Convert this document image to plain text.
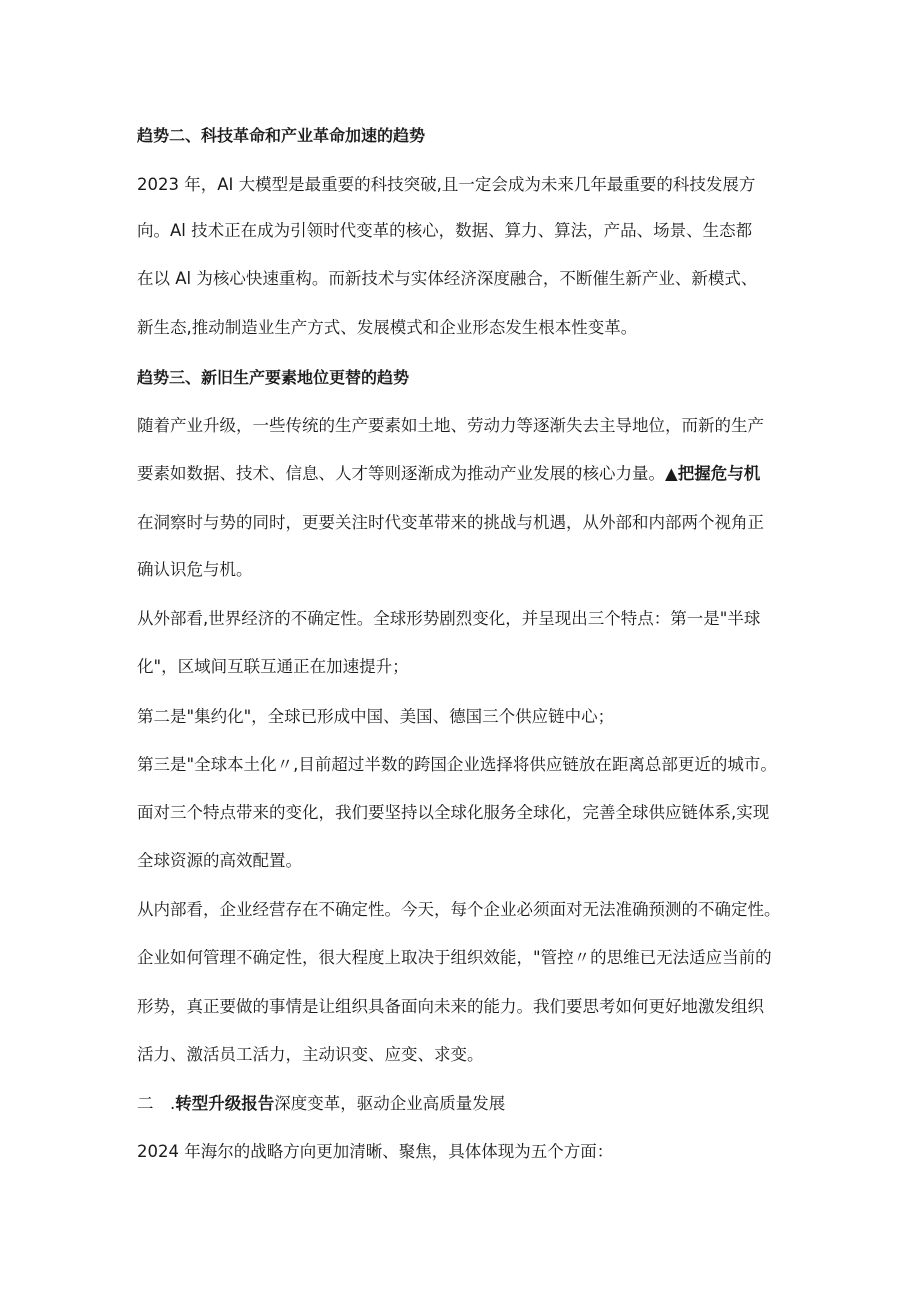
趋势二、科技革命和产业革命加速的趋势
2023 年，AI 大模型是最重要的科技突破,且一定会成为未来几年最重要的科技发展方
向。Al 技术正在成为引领时代变革的核心，数据、算力、算法，产品、场景、生态都
在以 Al 为核心快速重构。而新技术与实体经济深度融合，不断催生新产业、新模式、
新生态,推动制造业生产方式、发展模式和企业形态发生根本性变革。
趋势三、新旧生产要素地位更替的趋势
随着产业升级，一些传统的生产要素如土地、劳动力等逐渐失去主导地位，而新的生产
要素如数据、技术、信息、人才等则逐渐成为推动产业发展的核心力量。▲把握危与机
在洞察时与势的同时，更要关注时代变革带来的挑战与机遇，从外部和内部两个视角正
确认识危与机。
从外部看,世界经济的不确定性。全球形势剧烈变化，并呈现出三个特点：第一是"半球
化"，区域间互联互通正在加速提升；
第二是"集约化"，全球已形成中国、美国、德国三个供应链中心；
第三是"全球本土化〃,目前超过半数的跨国企业选择将供应链放在距离总部更近的城市。
面对三个特点带来的变化，我们要坚持以全球化服务全球化，完善全球供应链体系,实现
全球资源的高效配置。
从内部看，企业经营存在不确定性。今天，每个企业必须面对无法准确预测的不确定性。
企业如何管理不确定性，很大程度上取决于组织效能，"管控〃的思维已无法适应当前的
形势，真正要做的事情是让组织具备面向未来的能力。我们要思考如何更好地激发组织
活力、激活员工活力，主动识变、应变、求变。
二　.转型升级报告深度变革，驱动企业高质量发展
2024 年海尔的战略方向更加清晰、聚焦，具体体现为五个方面：
